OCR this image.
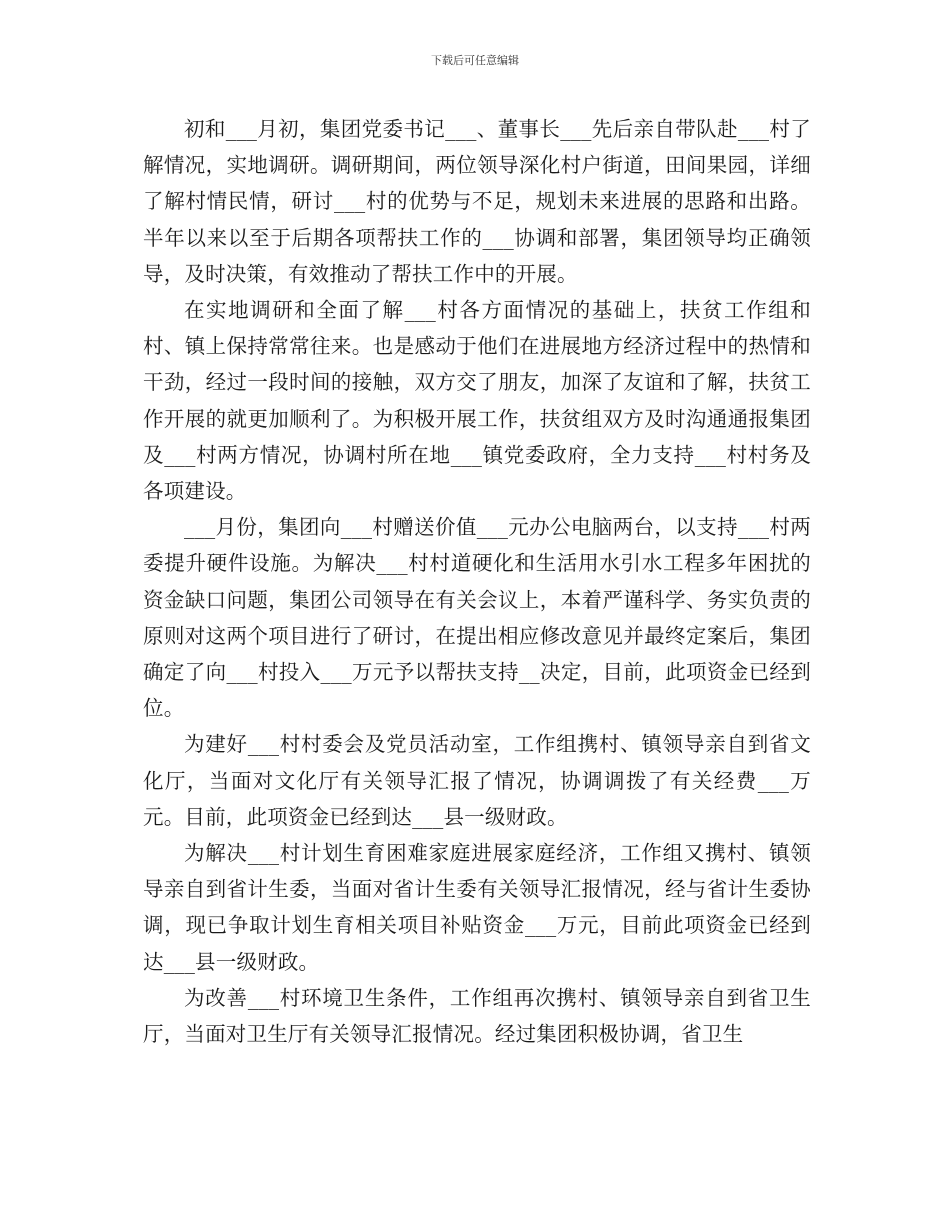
下载后可任意编辑

初和___月初，集团党委书记___、董事长___先后亲自带队赴___村了解情况，实地调研。调研期间，两位领导深化村户街道，田间果园，详细了解村情民情，研讨___村的优势与不足，规划未来进展的思路和出路。半年以来以至于后期各项帮扶工作的___协调和部署，集团领导均正确领导，及时决策，有效推动了帮扶工作中的开展。

在实地调研和全面了解___村各方面情况的基础上，扶贫工作组和村、镇上保持常常往来。也是感动于他们在进展地方经济过程中的热情和干劲，经过一段时间的接触，双方交了朋友，加深了友谊和了解，扶贫工作开展的就更加顺利了。为积极开展工作，扶贫组双方及时沟通通报集团及___村两方情况，协调村所在地___镇党委政府，全力支持___村村务及各项建设。

___月份，集团向___村赠送价值___元办公电脑两台，以支持___村两委提升硬件设施。为解决___村村道硬化和生活用水引水工程多年困扰的资金缺口问题，集团公司领导在有关会议上，本着严谨科学、务实负责的原则对这两个项目进行了研讨，在提出相应修改意见并最终定案后，集团确定了向___村投入___万元予以帮扶支持__决定，目前，此项资金已经到位。

为建好___村村委会及党员活动室，工作组携村、镇领导亲自到省文化厅，当面对文化厅有关领导汇报了情况，协调调拨了有关经费___万元。目前，此项资金已经到达___县一级财政。

为解决___村计划生育困难家庭进展家庭经济，工作组又携村、镇领导亲自到省计生委，当面对省计生委有关领导汇报情况，经与省计生委协调，现已争取计划生育相关项目补贴资金___万元，目前此项资金已经到达___县一级财政。

为改善___村环境卫生条件，工作组再次携村、镇领导亲自到省卫生厅，当面对卫生厅有关领导汇报情况。经过集团积极协调，省卫生
